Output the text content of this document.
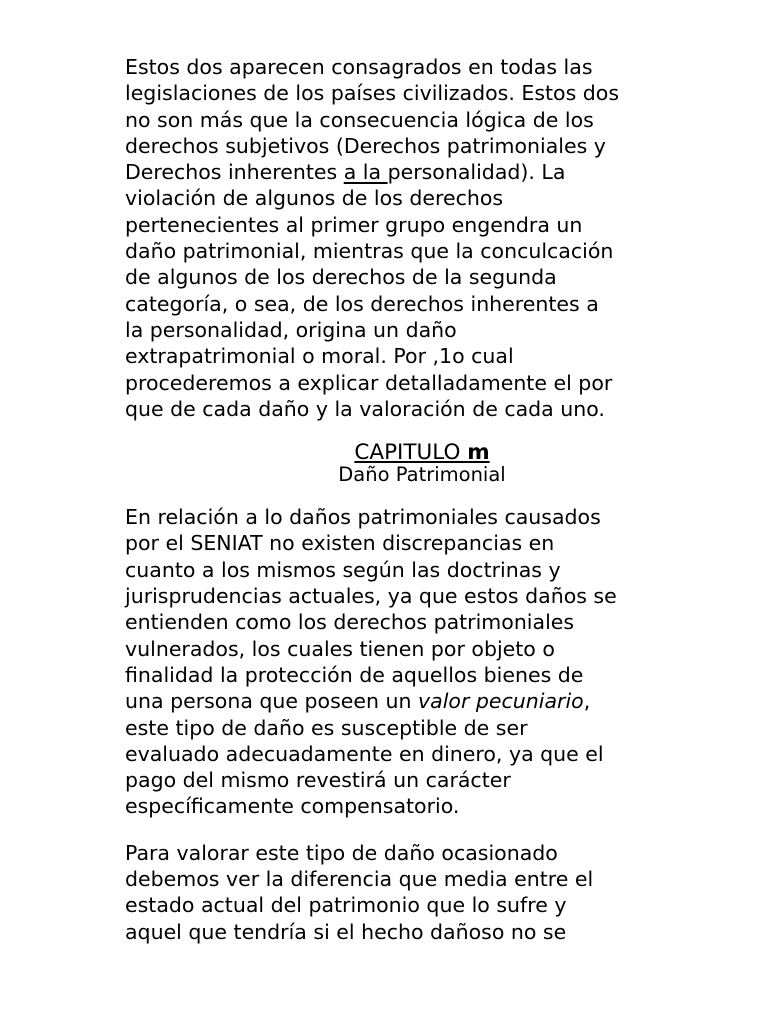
Estos dos aparecen consagrados en todas las
legislaciones de los países civilizados. Estos dos
no son más que la consecuencia lógica de los
derechos subjetivos (Derechos patrimoniales y
Derechos inherentes a la personalidad). La
violación de algunos de los derechos
pertenecientes al primer grupo engendra un
daño patrimonial, mientras que la conculcación
de algunos de los derechos de la segunda
categoría, o sea, de los derechos inherentes a
la personalidad, origina un daño
extrapatrimonial o moral. Por ,1o cual
procederemos a explicar detalladamente el por
que de cada daño y la valoración de cada uno.

CAPITULO m
Daño Patrimonial

En relación a lo daños patrimoniales causados
por el SENIAT no existen discrepancias en
cuanto a los mismos según las doctrinas y
jurisprudencias actuales, ya que estos daños se
entienden como los derechos patrimoniales
vulnerados, los cuales tienen por objeto o
finalidad la protección de aquellos bienes de
una persona que poseen un valor pecuniario,
este tipo de daño es susceptible de ser
evaluado adecuadamente en dinero, ya que el
pago del mismo revestirá un carácter
específicamente compensatorio.

Para valorar este tipo de daño ocasionado
debemos ver la diferencia que media entre el
estado actual del patrimonio que lo sufre y
aquel que tendría si el hecho dañoso no se
